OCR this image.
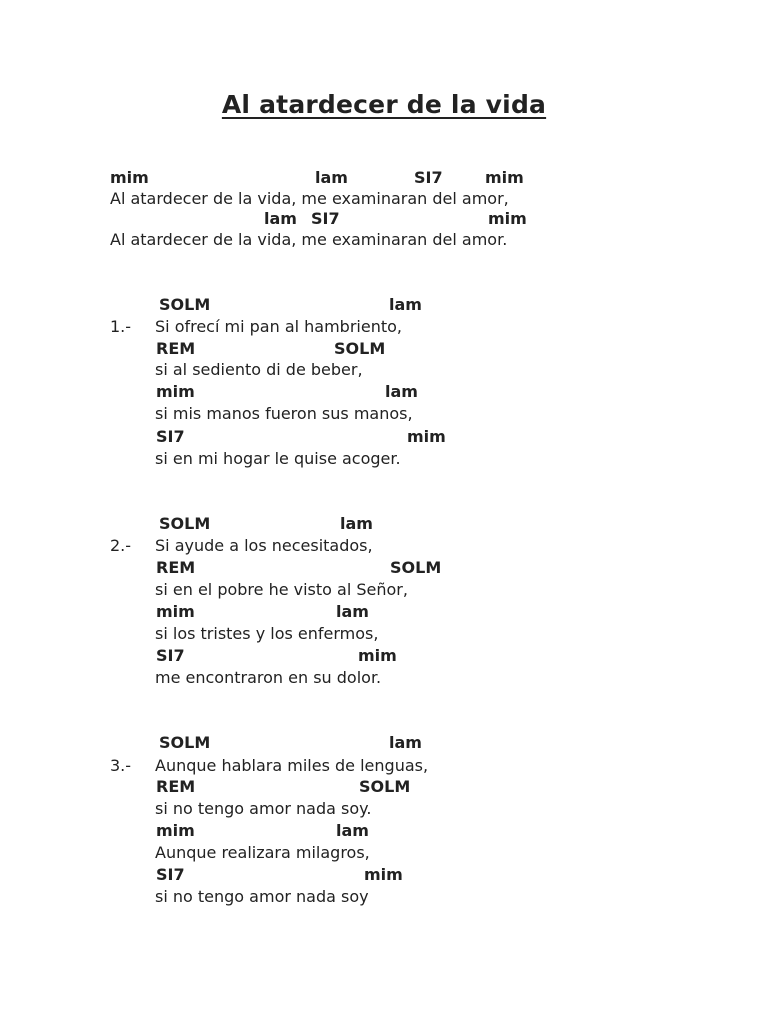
Al atardecer de la vida
mim	lam	SI7	mim
Al atardecer de la vida, me examinaran del amor,
lam SI7	mim
Al atardecer de la vida, me examinaran del amor.
SOLM	lam
1.- Si ofrecí mi pan al hambriento,
REM	SOLM
si al sediento di de beber,
mim	lam
si mis manos fueron sus manos,
SI7	mim
si en mi hogar le quise acoger.
SOLM	lam
2.- Si ayude a los necesitados,
REM	SOLM
si en el pobre he visto al Señor,
mim	lam
si los tristes y los enfermos,
SI7	mim
me encontraron en su dolor.
SOLM	lam
3.- Aunque hablara miles de lenguas,
REM	SOLM
si no tengo amor nada soy.
mim	lam
Aunque realizara milagros,
SI7	mim
si no tengo amor nada soy
